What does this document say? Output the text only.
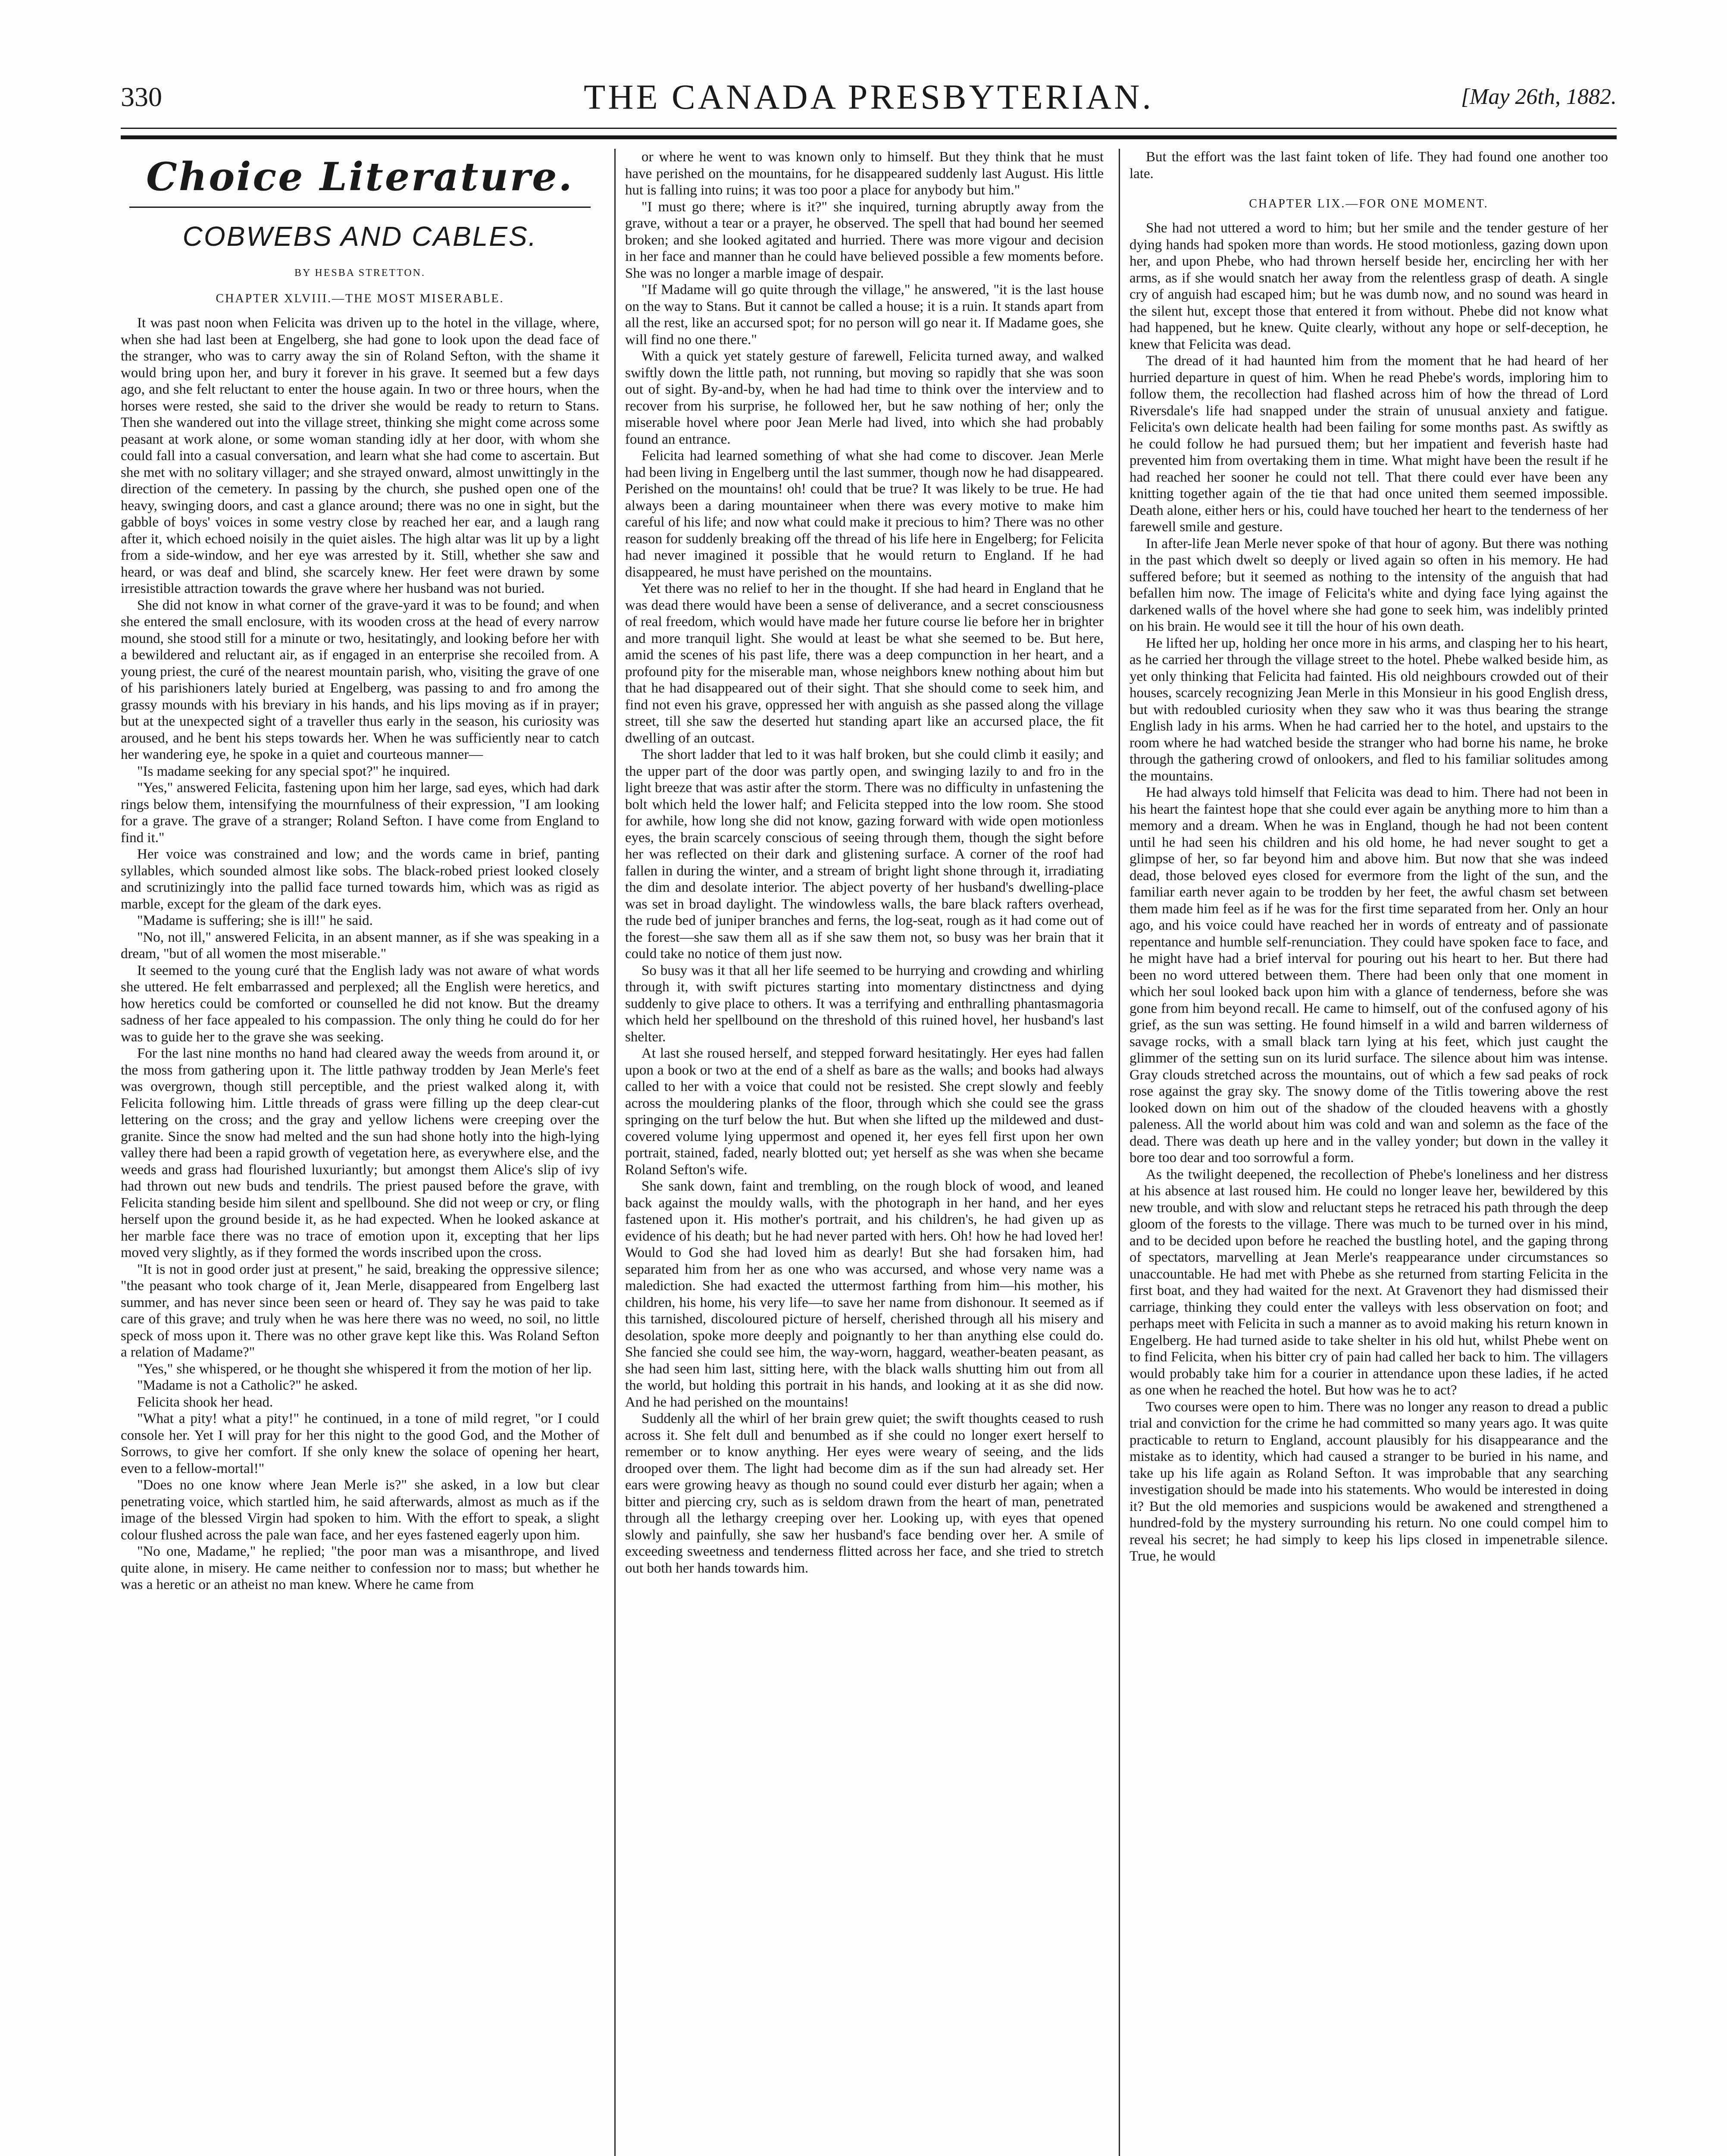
330	THE CANADA PRESBYTERIAN.	[May 26th, 1882.
Choice Literature.
COBWEBS AND CABLES.
BY HESBA STRETTON.
CHAPTER XLVIII.—THE MOST MISERABLE.

It was past noon when Felicita was driven up to the hotel in the village, where, when she had last been at Engelberg, she had gone to look upon the dead face of the stranger, who was to carry away the sin of Roland Sefton, with the shame it would bring upon her, and bury it forever in his grave. It seemed but a few days ago, and she felt reluctant to enter the house again. In two or three hours, when the horses were rested, she said to the driver she would be ready to return to Stans. Then she wandered out into the village street, thinking she might come across some peasant at work alone, or some woman standing idly at her door, with whom she could fall into a casual conversation, and learn what she had come to ascertain. But she met with no solitary villager; and she strayed onward, almost unwittingly in the direction of the cemetery. In passing by the church, she pushed open one of the heavy, swinging doors, and cast a glance around; there was no one in sight, but the gabble of boys' voices in some vestry close by reached her ear, and a laugh rang after it, which echoed noisily in the quiet aisles. The high altar was lit up by a light from a side-window, and her eye was arrested by it. Still, whether she saw and heard, or was deaf and blind, she scarcely knew. Her feet were drawn by some irresistible attraction towards the grave where her husband was not buried.

She did not know in what corner of the grave-yard it was to be found; and when she entered the small enclosure, with its wooden cross at the head of every narrow mound, she stood still for a minute or two, hesitatingly, and looking before her with a bewildered and reluctant air, as if engaged in an enterprise she recoiled from. A young priest, the curé of the nearest mountain parish, who, visiting the grave of one of his parishioners lately buried at Engelberg, was passing to and fro among the grassy mounds with his breviary in his hands, and his lips moving as if in prayer; but at the unexpected sight of a traveller thus early in the season, his curiosity was aroused, and he bent his steps towards her. When he was sufficiently near to catch her wandering eye, he spoke in a quiet and courteous manner—

"Is madame seeking for any special spot?" he inquired.

"Yes," answered Felicita, fastening upon him her large, sad eyes, which had dark rings below them, intensifying the mournfulness of their expression, "I am looking for a grave. The grave of a stranger; Roland Sefton. I have come from England to find it."

Her voice was constrained and low; and the words came in brief, panting syllables, which sounded almost like sobs. The black-robed priest looked closely and scrutinizingly into the pallid face turned towards him, which was as rigid as marble, except for the gleam of the dark eyes.

"Madame is suffering; she is ill!" he said.

"No, not ill," answered Felicita, in an absent manner, as if she was speaking in a dream, "but of all women the most miserable."

It seemed to the young curé that the English lady was not aware of what words she uttered. He felt embarrassed and perplexed; all the English were heretics, and how heretics could be comforted or counselled he did not know. But the dreamy sadness of her face appealed to his compassion. The only thing he could do for her was to guide her to the grave she was seeking.

For the last nine months no hand had cleared away the weeds from around it, or the moss from gathering upon it. The little pathway trodden by Jean Merle's feet was overgrown, though still perceptible, and the priest walked along it, with Felicita following him. Little threads of grass were filling up the deep clear-cut lettering on the cross; and the gray and yellow lichens were creeping over the granite. Since the snow had melted and the sun had shone hotly into the high-lying valley there had been a rapid growth of vegetation here, as everywhere else, and the weeds and grass had flourished luxuriantly; but amongst them Alice's slip of ivy had thrown out new buds and tendrils. The priest paused before the grave, with Felicita standing beside him silent and spellbound. She did not weep or cry, or fling herself upon the ground beside it, as he had expected. When he looked askance at her marble face there was no trace of emotion upon it, excepting that her lips moved very slightly, as if they formed the words inscribed upon the cross.

"It is not in good order just at present," he said, breaking the oppressive silence; "the peasant who took charge of it, Jean Merle, disappeared from Engelberg last summer, and has never since been seen or heard of. They say he was paid to take care of this grave; and truly when he was here there was no weed, no soil, no little speck of moss upon it. There was no other grave kept like this. Was Roland Sefton a relation of Madame?"

"Yes," she whispered, or he thought she whispered it from the motion of her lip.

"Madame is not a Catholic?" he asked.

Felicita shook her head.

"What a pity! what a pity!" he continued, in a tone of mild regret, "or I could console her. Yet I will pray for her this night to the good God, and the Mother of Sorrows, to give her comfort. If she only knew the solace of opening her heart, even to a fellow-mortal!"

"Does no one know where Jean Merle is?" she asked, in a low but clear penetrating voice, which startled him, he said afterwards, almost as much as if the image of the blessed Virgin had spoken to him. With the effort to speak, a slight colour flushed across the pale wan face, and her eyes fastened eagerly upon him.

"No one, Madame," he replied; "the poor man was a misanthrope, and lived quite alone, in misery. He came neither to confession nor to mass; but whether he was a heretic or an atheist no man knew. Where he came from

or where he went to was known only to himself. But they think that he must have perished on the mountains, for he disappeared suddenly last August. His little hut is falling into ruins; it was too poor a place for anybody but him."

"I must go there; where is it?" she inquired, turning abruptly away from the grave, without a tear or a prayer, he observed. The spell that had bound her seemed broken; and she looked agitated and hurried. There was more vigour and decision in her face and manner than he could have believed possible a few moments before. She was no longer a marble image of despair.

"If Madame will go quite through the village," he answered, "it is the last house on the way to Stans. But it cannot be called a house; it is a ruin. It stands apart from all the rest, like an accursed spot; for no person will go near it. If Madame goes, she will find no one there."

With a quick yet stately gesture of farewell, Felicita turned away, and walked swiftly down the little path, not running, but moving so rapidly that she was soon out of sight. By-and-by, when he had had time to think over the interview and to recover from his surprise, he followed her, but he saw nothing of her; only the miserable hovel where poor Jean Merle had lived, into which she had probably found an entrance.

Felicita had learned something of what she had come to discover. Jean Merle had been living in Engelberg until the last summer, though now he had disappeared. Perished on the mountains! oh! could that be true? It was likely to be true. He had always been a daring mountaineer when there was every motive to make him careful of his life; and now what could make it precious to him? There was no other reason for suddenly breaking off the thread of his life here in Engelberg; for Felicita had never imagined it possible that he would return to England. If he had disappeared, he must have perished on the mountains.

Yet there was no relief to her in the thought. If she had heard in England that he was dead there would have been a sense of deliverance, and a secret consciousness of real freedom, which would have made her future course lie before her in brighter and more tranquil light. She would at least be what she seemed to be. But here, amid the scenes of his past life, there was a deep compunction in her heart, and a profound pity for the miserable man, whose neighbors knew nothing about him but that he had disappeared out of their sight. That she should come to seek him, and find not even his grave, oppressed her with anguish as she passed along the village street, till she saw the deserted hut standing apart like an accursed place, the fit dwelling of an outcast.

The short ladder that led to it was half broken, but she could climb it easily; and the upper part of the door was partly open, and swinging lazily to and fro in the light breeze that was astir after the storm. There was no difficulty in unfastening the bolt which held the lower half; and Felicita stepped into the low room. She stood for awhile, how long she did not know, gazing forward with wide open motionless eyes, the brain scarcely conscious of seeing through them, though the sight before her was reflected on their dark and glistening surface. A corner of the roof had fallen in during the winter, and a stream of bright light shone through it, irradiating the dim and desolate interior. The abject poverty of her husband's dwelling-place was set in broad daylight. The windowless walls, the bare black rafters overhead, the rude bed of juniper branches and ferns, the log-seat, rough as it had come out of the forest—she saw them all as if she saw them not, so busy was her brain that it could take no notice of them just now.

So busy was it that all her life seemed to be hurrying and crowding and whirling through it, with swift pictures starting into momentary distinctness and dying suddenly to give place to others. It was a terrifying and enthralling phantasmagoria which held her spellbound on the threshold of this ruined hovel, her husband's last shelter.

At last she roused herself, and stepped forward hesitatingly. Her eyes had fallen upon a book or two at the end of a shelf as bare as the walls; and books had always called to her with a voice that could not be resisted. She crept slowly and feebly across the mouldering planks of the floor, through which she could see the grass springing on the turf below the hut. But when she lifted up the mildewed and dust-covered volume lying uppermost and opened it, her eyes fell first upon her own portrait, stained, faded, nearly blotted out; yet herself as she was when she became Roland Sefton's wife.

She sank down, faint and trembling, on the rough block of wood, and leaned back against the mouldy walls, with the photograph in her hand, and her eyes fastened upon it. His mother's portrait, and his children's, he had given up as evidence of his death; but he had never parted with hers. Oh! how he had loved her! Would to God she had loved him as dearly! But she had forsaken him, had separated him from her as one who was accursed, and whose very name was a malediction. She had exacted the uttermost farthing from him—his mother, his children, his home, his very life—to save her name from dishonour. It seemed as if this tarnished, discoloured picture of herself, cherished through all his misery and desolation, spoke more deeply and poignantly to her than anything else could do. She fancied she could see him, the way-worn, haggard, weather-beaten peasant, as she had seen him last, sitting here, with the black walls shutting him out from all the world, but holding this portrait in his hands, and looking at it as she did now. And he had perished on the mountains!

Suddenly all the whirl of her brain grew quiet; the swift thoughts ceased to rush across it. She felt dull and benumbed as if she could no longer exert herself to remember or to know anything. Her eyes were weary of seeing, and the lids drooped over them. The light had become dim as if the sun had already set. Her ears were growing heavy as though no sound could ever disturb her again; when a bitter and piercing cry, such as is seldom drawn from the heart of man, penetrated through all the lethargy creeping over her. Looking up, with eyes that opened slowly and painfully, she saw her husband's face bending over her. A smile of exceeding sweetness and tenderness flitted across her face, and she tried to stretch out both her hands towards him.

But the effort was the last faint token of life. They had found one another too late.

CHAPTER LIX.—FOR ONE MOMENT.

She had not uttered a word to him; but her smile and the tender gesture of her dying hands had spoken more than words. He stood motionless, gazing down upon her, and upon Phebe, who had thrown herself beside her, encircling her with her arms, as if she would snatch her away from the relentless grasp of death. A single cry of anguish had escaped him; but he was dumb now, and no sound was heard in the silent hut, except those that entered it from without. Phebe did not know what had happened, but he knew. Quite clearly, without any hope or self-deception, he knew that Felicita was dead.

The dread of it had haunted him from the moment that he had heard of her hurried departure in quest of him. When he read Phebe's words, imploring him to follow them, the recollection had flashed across him of how the thread of Lord Riversdale's life had snapped under the strain of unusual anxiety and fatigue. Felicita's own delicate health had been failing for some months past. As swiftly as he could follow he had pursued them; but her impatient and feverish haste had prevented him from overtaking them in time. What might have been the result if he had reached her sooner he could not tell. That there could ever have been any knitting together again of the tie that had once united them seemed impossible. Death alone, either hers or his, could have touched her heart to the tenderness of her farewell smile and gesture.

In after-life Jean Merle never spoke of that hour of agony. But there was nothing in the past which dwelt so deeply or lived again so often in his memory. He had suffered before; but it seemed as nothing to the intensity of the anguish that had befallen him now. The image of Felicita's white and dying face lying against the darkened walls of the hovel where she had gone to seek him, was indelibly printed on his brain. He would see it till the hour of his own death.

He lifted her up, holding her once more in his arms, and clasping her to his heart, as he carried her through the village street to the hotel. Phebe walked beside him, as yet only thinking that Felicita had fainted. His old neighbours crowded out of their houses, scarcely recognizing Jean Merle in this Monsieur in his good English dress, but with redoubled curiosity when they saw who it was thus bearing the strange English lady in his arms. When he had carried her to the hotel, and upstairs to the room where he had watched beside the stranger who had borne his name, he broke through the gathering crowd of onlookers, and fled to his familiar solitudes among the mountains.

He had always told himself that Felicita was dead to him. There had not been in his heart the faintest hope that she could ever again be anything more to him than a memory and a dream. When he was in England, though he had not been content until he had seen his children and his old home, he had never sought to get a glimpse of her, so far beyond him and above him. But now that she was indeed dead, those beloved eyes closed for evermore from the light of the sun, and the familiar earth never again to be trodden by her feet, the awful chasm set between them made him feel as if he was for the first time separated from her. Only an hour ago, and his voice could have reached her in words of entreaty and of passionate repentance and humble self-renunciation. They could have spoken face to face, and he might have had a brief interval for pouring out his heart to her. But there had been no word uttered between them. There had been only that one moment in which her soul looked back upon him with a glance of tenderness, before she was gone from him beyond recall. He came to himself, out of the confused agony of his grief, as the sun was setting. He found himself in a wild and barren wilderness of savage rocks, with a small black tarn lying at his feet, which just caught the glimmer of the setting sun on its lurid surface. The silence about him was intense. Gray clouds stretched across the mountains, out of which a few sad peaks of rock rose against the gray sky. The snowy dome of the Titlis towering above the rest looked down on him out of the shadow of the clouded heavens with a ghostly paleness. All the world about him was cold and wan and solemn as the face of the dead. There was death up here and in the valley yonder; but down in the valley it bore too dear and too sorrowful a form.

As the twilight deepened, the recollection of Phebe's loneliness and her distress at his absence at last roused him. He could no longer leave her, bewildered by this new trouble, and with slow and reluctant steps he retraced his path through the deep gloom of the forests to the village. There was much to be turned over in his mind, and to be decided upon before he reached the bustling hotel, and the gaping throng of spectators, marvelling at Jean Merle's reappearance under circumstances so unaccountable. He had met with Phebe as she returned from starting Felicita in the first boat, and they had waited for the next. At Gravenort they had dismissed their carriage, thinking they could enter the valleys with less observation on foot; and perhaps meet with Felicita in such a manner as to avoid making his return known in Engelberg. He had turned aside to take shelter in his old hut, whilst Phebe went on to find Felicita, when his bitter cry of pain had called her back to him. The villagers would probably take him for a courier in attendance upon these ladies, if he acted as one when he reached the hotel. But how was he to act?

Two courses were open to him. There was no longer any reason to dread a public trial and conviction for the crime he had committed so many years ago. It was quite practicable to return to England, account plausibly for his disappearance and the mistake as to identity, which had caused a stranger to be buried in his name, and take up his life again as Roland Sefton. It was improbable that any searching investigation should be made into his statements. Who would be interested in doing it? But the old memories and suspicions would be awakened and strengthened a hundred-fold by the mystery surrounding his return. No one could compel him to reveal his secret; he had simply to keep his lips closed in impenetrable silence. True, he would
